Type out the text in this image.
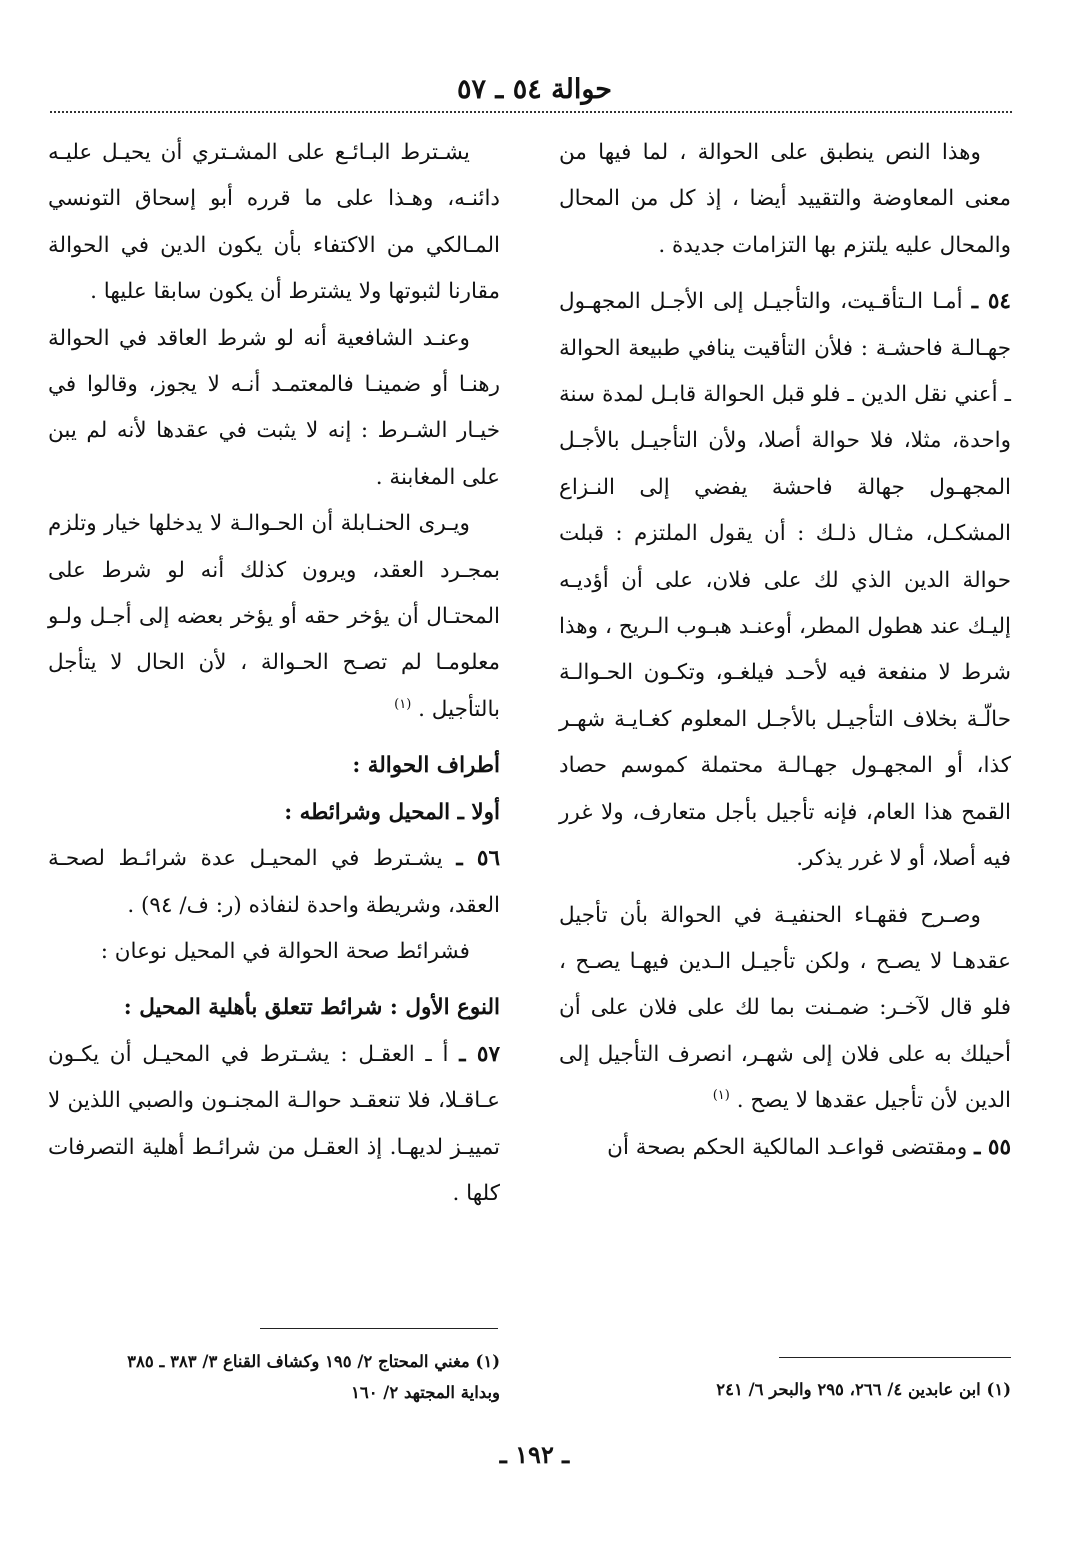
حوالة ٥٤ ـ ٥٧

وهذا النص ينطبق على الحوالة ، لما فيها من معنى المعاوضة والتقييد أيضا ، إذ كل من المحال والمحال عليه يلتزم بها التزامات جديدة .

٥٤ ـ أمـا الـتأقـيت، والتأجيـل إلى الأجـل المجهـول جهـالـة فاحشـة : فلأن التأقيت ينافي طبيعة الحوالة ـ أعني نقل الدين ـ فلو قبل الحوالة قابـل لمدة سنة واحدة، مثلا، فلا حوالة أصلا، ولأن التأجيـل بالأجـل المجهـول جهالة فاحشة يفضي إلى النـزاع المشكـل، مثـال ذلـك : أن يقول الملتزم : قبلت حوالة الدين الذي لك على فلان، على أن أؤديـه إليـك عند هطول المطر، أوعنـد هبـوب الـريح ، وهذا شرط لا منفعة فيه لأحـد فيلغـو، وتكـون الحـوالـة حالّـة بخلاف التأجيـل بالأجـل المعلوم كغـايـة شهـر كذا، أو المجهـول جهـالـة محتملة كموسم حصاد القمح هذا العام، فإنه تأجيل بأجل متعارف، ولا غرر فيه أصلا، أو لا غرر يذكر.

وصـرح فقهـاء الحنفيـة في الحوالة بأن تأجيل عقدهـا لا يصـح ، ولكن تأجيـل الـدين فيهـا يصـح ، فلو قال لآخـر: ضمـنت بما لك على فلان على أن أحيلك به على فلان إلى شهـر، انصرف التأجيل إلى الدين لأن تأجيل عقدها لا يصح . $^{(١)}$

٥٥ ـ ومقتضى قواعـد المالكية الحكم بصحة أن

يشـترط البـائـع على المشـتري أن يحيـل عليـه دائنـه، وهـذا على ما قرره أبو إسحاق التونسي المـالكي من الاكتفاء بأن يكون الدين في الحوالة مقارنا لثبوتها ولا يشترط أن يكون سابقا عليها .

وعنـد الشافعية أنه لو شرط العاقد في الحوالة رهنـا أو ضمينـا فالمعتمـد أنـه لا يجوز، وقالوا في خيـار الشـرط : إنه لا يثبت في عقدها لأنه لم يبن على المغابنة .

ويـرى الحنـابلة أن الحـوالـة لا يدخلها خيار وتلزم بمجـرد العقد، ويرون كذلك أنه لو شرط على المحتـال أن يؤخر حقه أو يؤخر بعضه إلى أجـل ولـو معلومـا لم تصـح الحـوالة ، لأن الحال لا يتأجل بالتأجيل . $^{(١)}$

أطراف الحوالة :

أولا ـ المحيل وشرائطه :

٥٦ ـ يشـترط في المحيـل عدة شرائـط لصحـة العقد، وشريطة واحدة لنفاذه (ر: ف/ ٩٤) .

فشرائط صحة الحوالة في المحيل نوعان :

النوع الأول : شرائط تتعلق بأهلية المحيل :

٥٧ ـ أ ـ العقـل : يشـترط في المحيـل أن يكـون عـاقـلا، فلا تنعقـد حوالـة المجنـون والصبي اللذين لا تمييـز لديهـا. إذ العقـل من شرائـط أهلية التصرفات كلها .

(١) ابن عابدين ٤/ ٢٦٦، ٢٩٥ والبحر ٦/ ٢٤١
(١) مغني المحتاج ٢/ ١٩٥ وكشاف القناع ٣/ ٣٨٣ ـ ٣٨٥
وبداية المجتهد ٢/ ١٦٠
ـ ١٩٢ ـ
